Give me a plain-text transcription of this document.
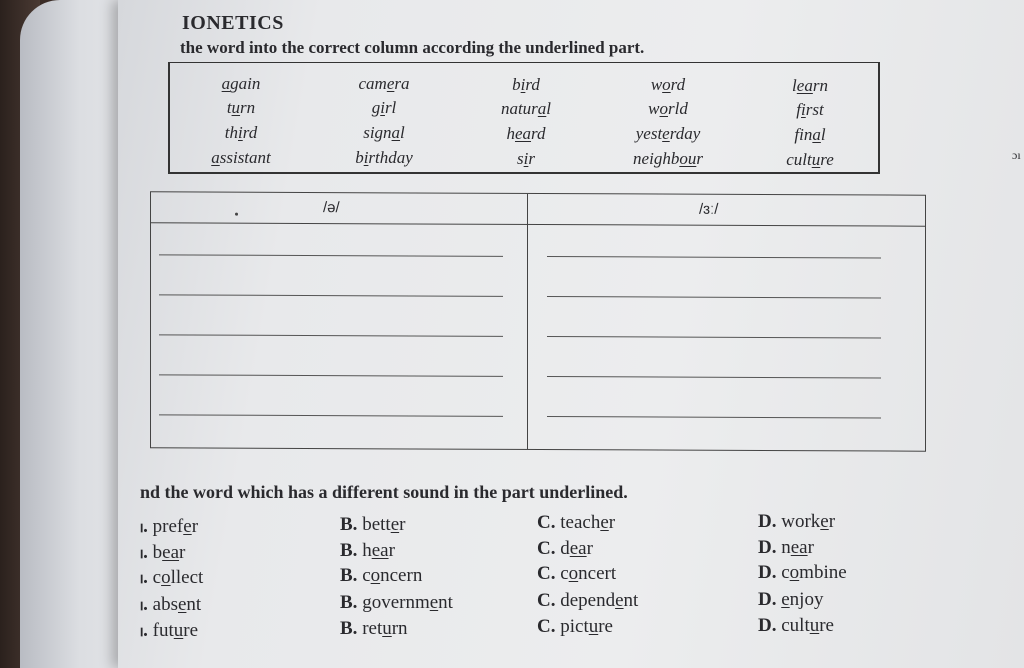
IONETICS
the word into the correct column according the underlined part.
again	camera	bird	word	learn
turn	girl	natural	world	first
third	signal	heard	yesterday	final
assistant	birthday	sir	neighbour	culture	ɔı
/ə/	/ɜː/
nd the word which has a different sound in the part underlined.
ₗ. prefer	B. better	C. teacher	D. worker
ₗ. bear	B. hear	C. dear	D. near
ₗ. collect	B. concern	C. concert	D. combine
ₗ. absent	B. government	C. dependent	D. enjoy
ₗ. future	B. return	C. picture	D. culture
